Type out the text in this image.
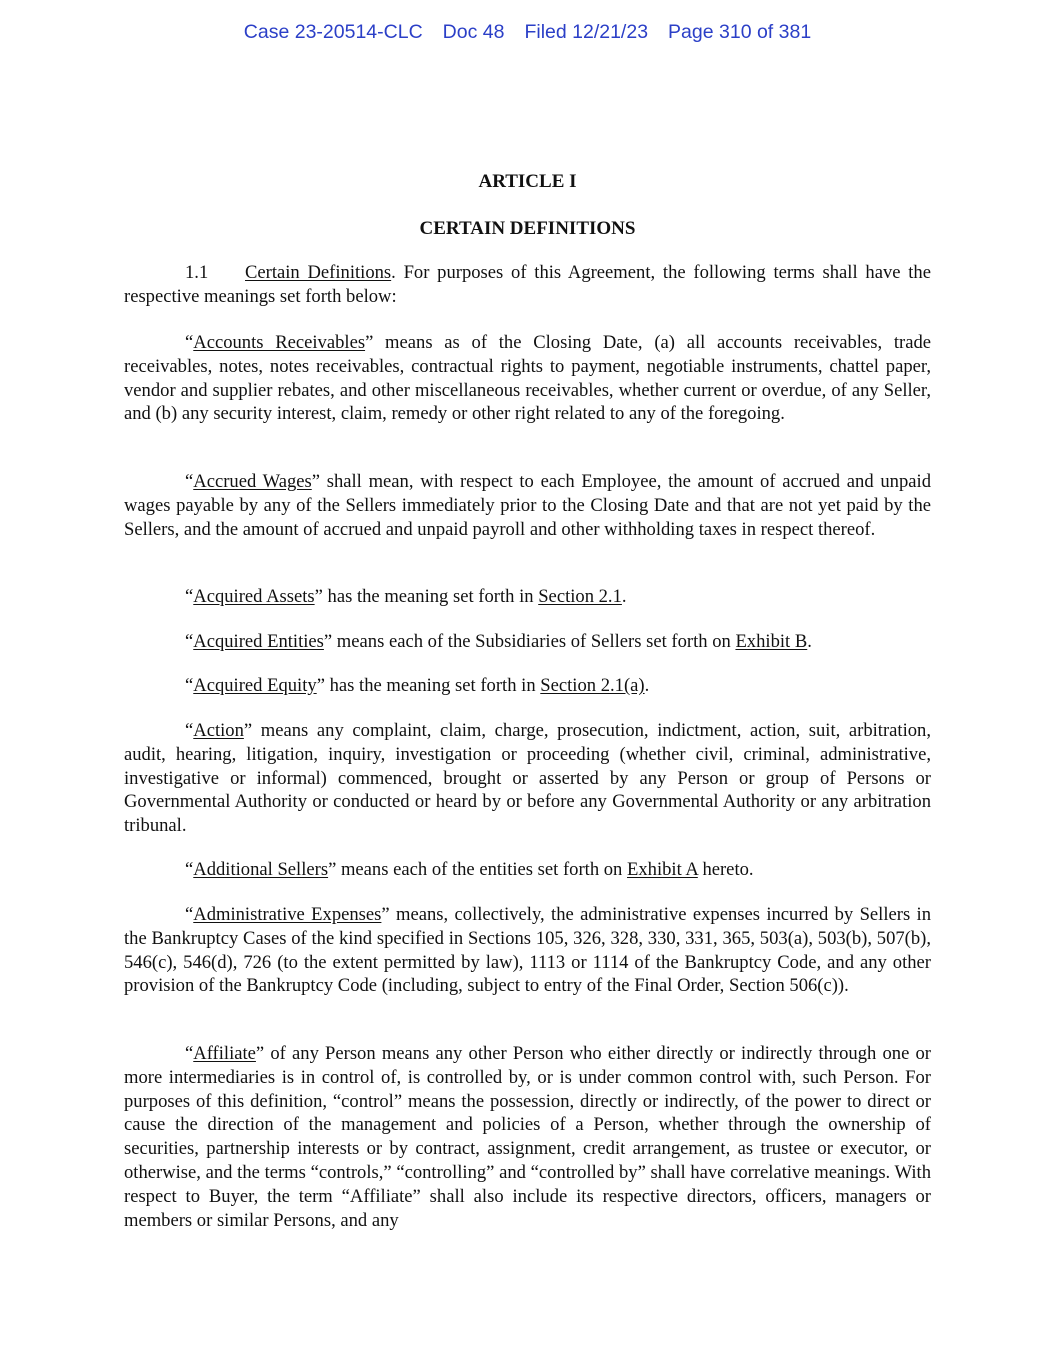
Case 23-20514-CLC Doc 48 Filed 12/21/23 Page 310 of 381
ARTICLE I
CERTAIN DEFINITIONS

1.1 Certain Definitions. For purposes of this Agreement, the following terms shall have the respective meanings set forth below:

“Accounts Receivables” means as of the Closing Date, (a) all accounts receivables, trade receivables, notes, notes receivables, contractual rights to payment, negotiable instruments, chattel paper, vendor and supplier rebates, and other miscellaneous receivables, whether current or overdue, of any Seller, and (b) any security interest, claim, remedy or other right related to any of the foregoing.

“Accrued Wages” shall mean, with respect to each Employee, the amount of accrued and unpaid wages payable by any of the Sellers immediately prior to the Closing Date and that are not yet paid by the Sellers, and the amount of accrued and unpaid payroll and other withholding taxes in respect thereof.

“Acquired Assets” has the meaning set forth in Section 2.1.

“Acquired Entities” means each of the Subsidiaries of Sellers set forth on Exhibit B.

“Acquired Equity” has the meaning set forth in Section 2.1(a).

“Action” means any complaint, claim, charge, prosecution, indictment, action, suit, arbitration, audit, hearing, litigation, inquiry, investigation or proceeding (whether civil, criminal, administrative, investigative or informal) commenced, brought or asserted by any Person or group of Persons or Governmental Authority or conducted or heard by or before any Governmental Authority or any arbitration tribunal.

“Additional Sellers” means each of the entities set forth on Exhibit A hereto.

“Administrative Expenses” means, collectively, the administrative expenses incurred by Sellers in the Bankruptcy Cases of the kind specified in Sections 105, 326, 328, 330, 331, 365, 503(a), 503(b), 507(b), 546(c), 546(d), 726 (to the extent permitted by law), 1113 or 1114 of the Bankruptcy Code, and any other provision of the Bankruptcy Code (including, subject to entry of the Final Order, Section 506(c)).

“Affiliate” of any Person means any other Person who either directly or indirectly through one or more intermediaries is in control of, is controlled by, or is under common control with, such Person. For purposes of this definition, “control” means the possession, directly or indirectly, of the power to direct or cause the direction of the management and policies of a Person, whether through the ownership of securities, partnership interests or by contract, assignment, credit arrangement, as trustee or executor, or otherwise, and the terms “controls,” “controlling” and “controlled by” shall have correlative meanings. With respect to Buyer, the term “Affiliate” shall also include its respective directors, officers, managers or members or similar Persons, and any
